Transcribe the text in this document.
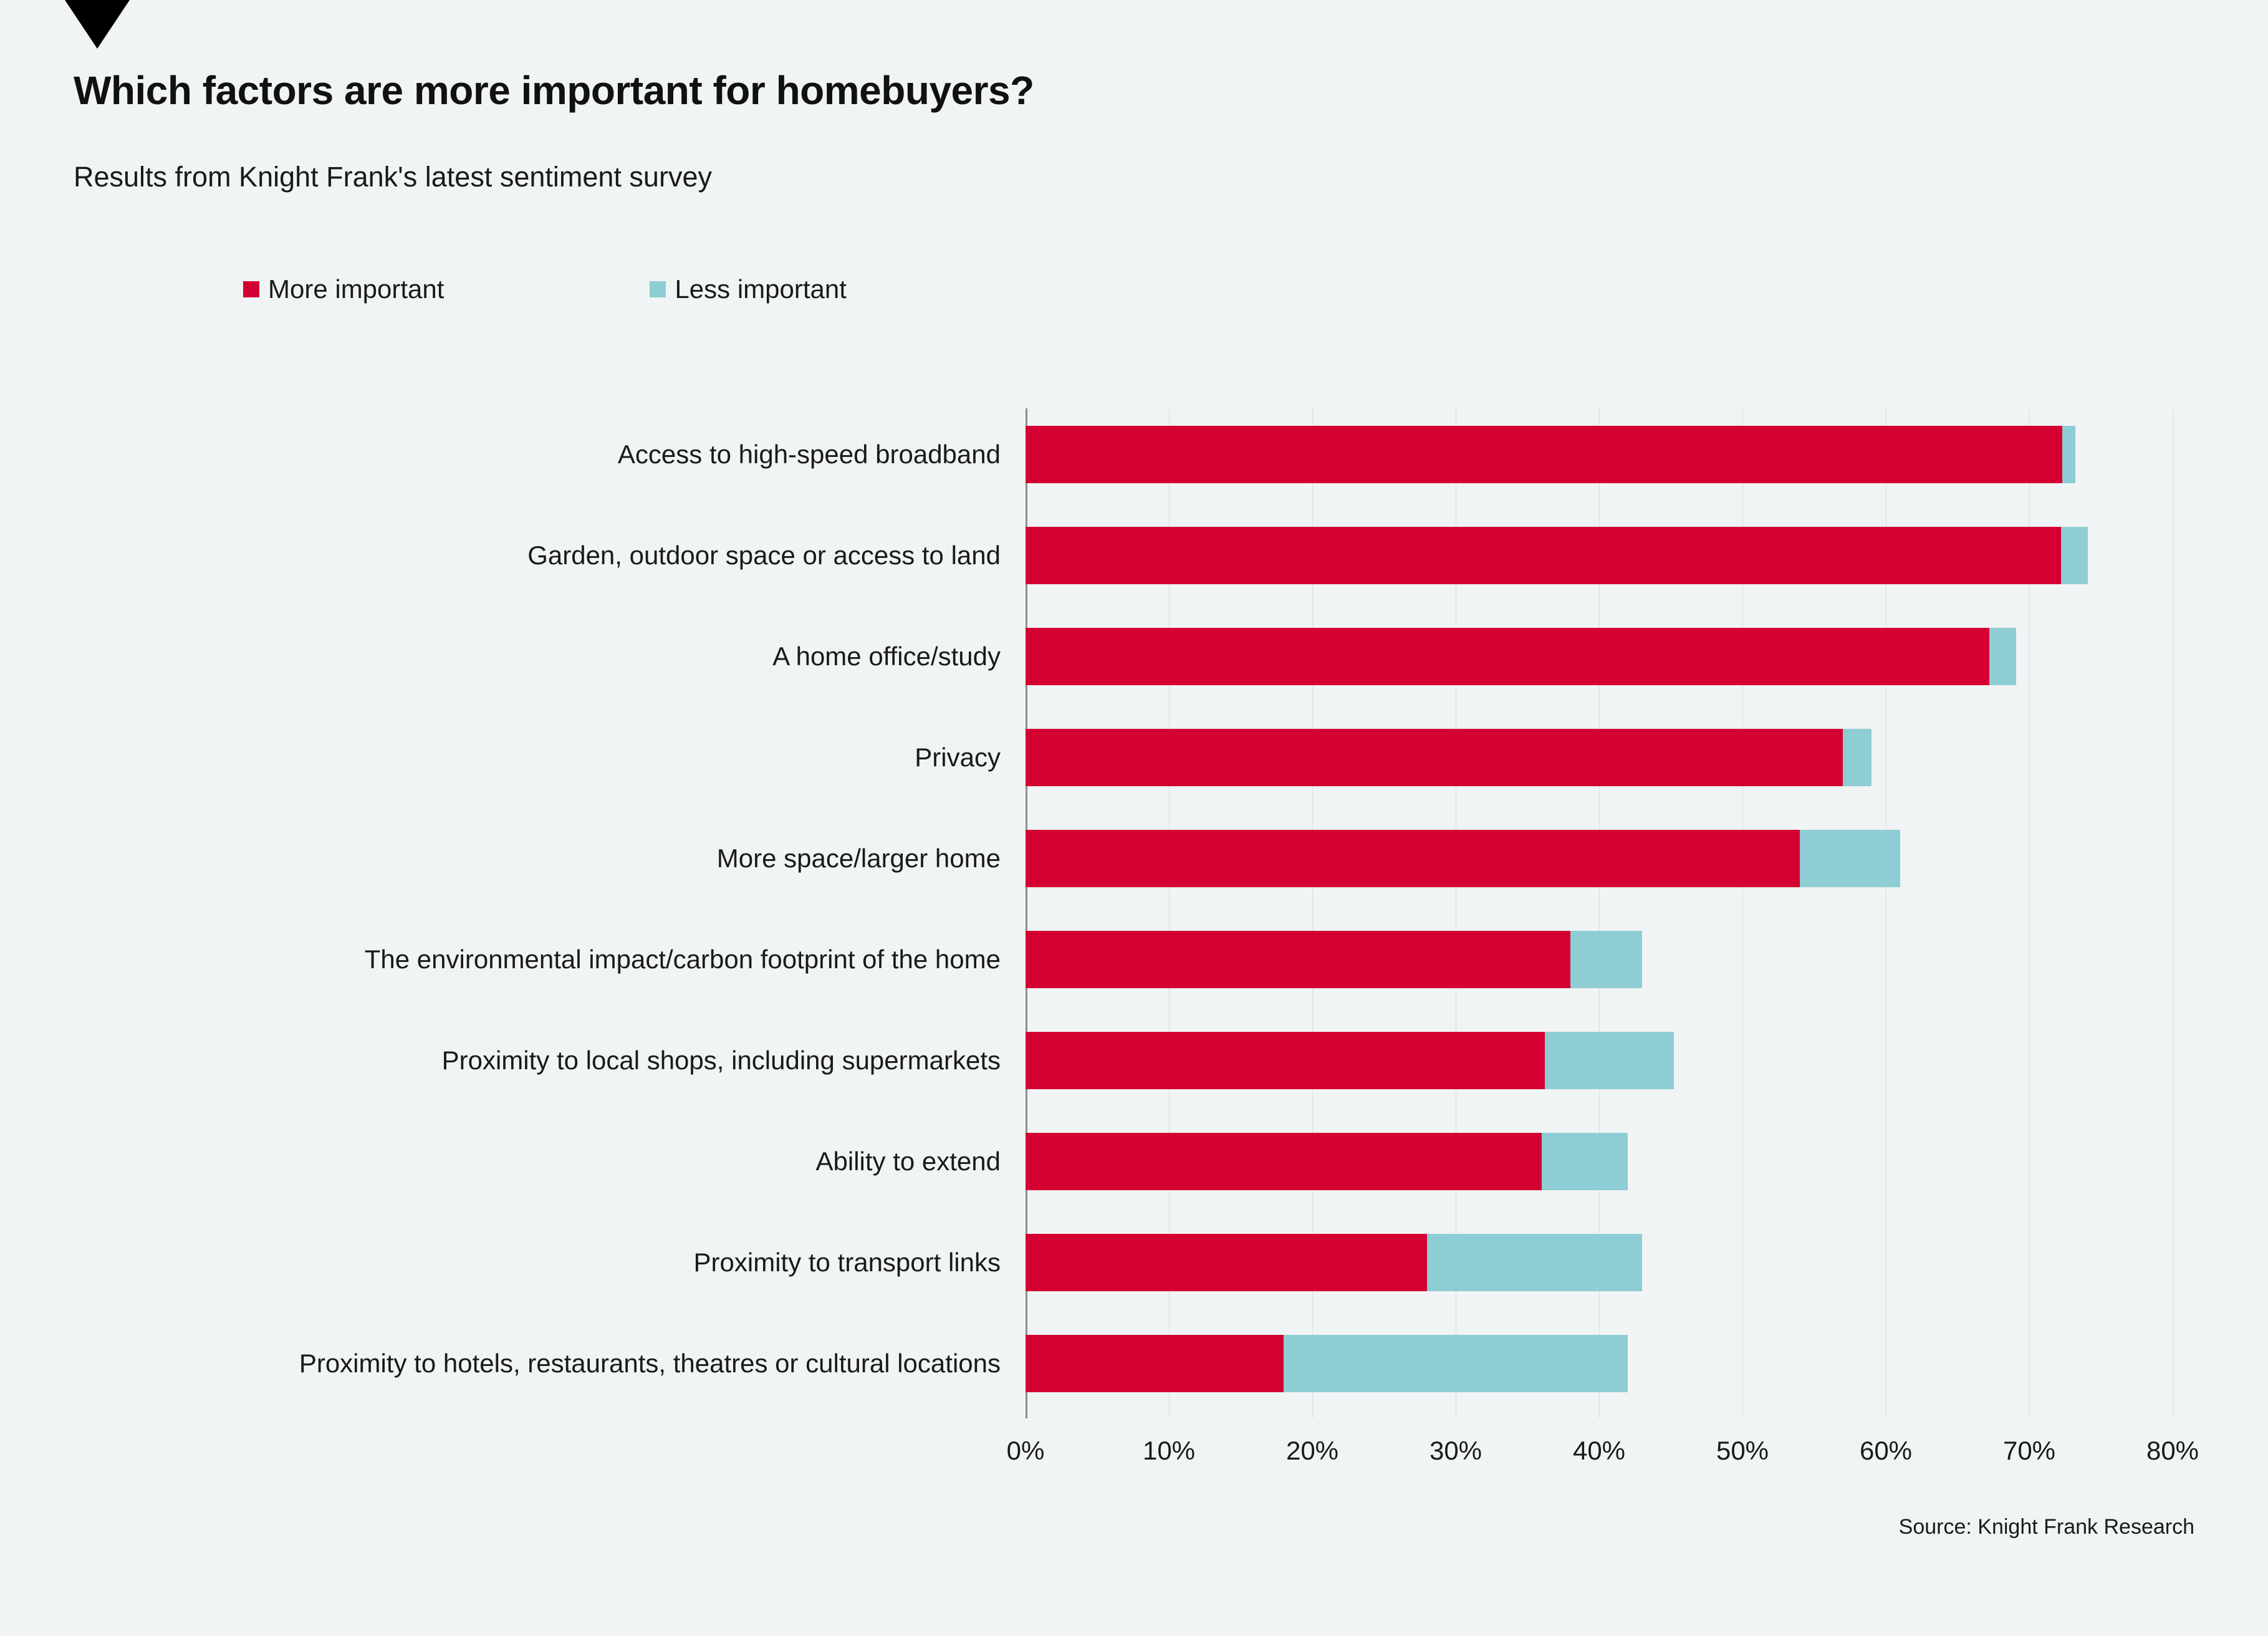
Which factors are more important for homebuyers?
Results from Knight Frank's latest sentiment survey
More important	Less important
Access to high-speed broadband
Garden, outdoor space or access to land
A home office/study
Privacy
More space/larger home
The environmental impact/carbon footprint of the home
Proximity to local shops, including supermarkets
Ability to extend
Proximity to transport links
Proximity to hotels, restaurants, theatres or cultural locations
0%	10%	20%	30%	40%	50%	60%	70%	80%
Source: Knight Frank Research
